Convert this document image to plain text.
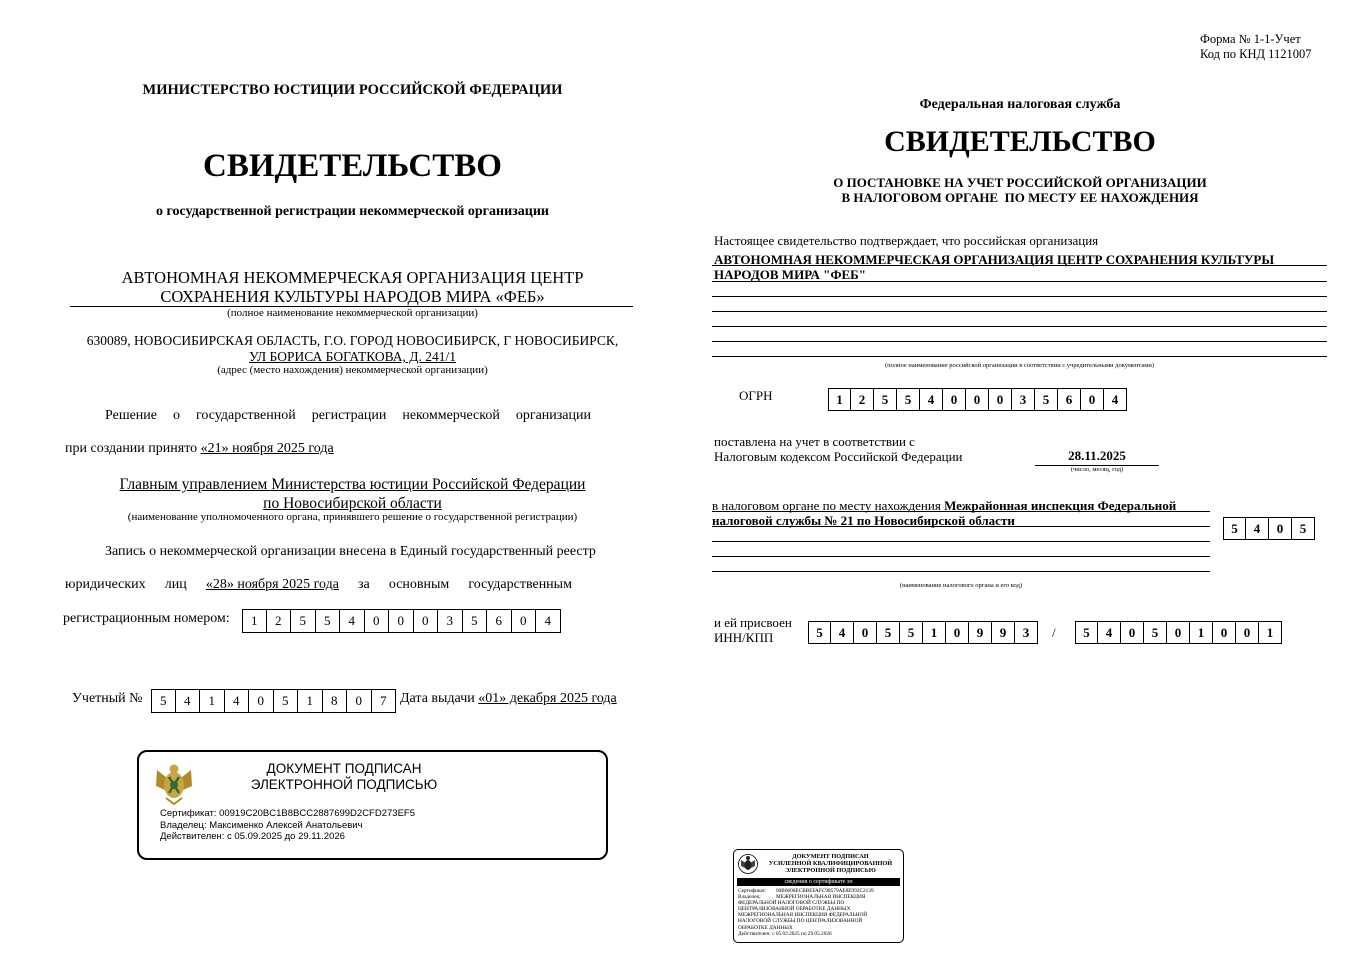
МИНИСТЕРСТВО ЮСТИЦИИ РОССИЙСКОЙ ФЕДЕРАЦИИ
СВИДЕТЕЛЬСТВО
о государственной регистрации некоммерческой организации
АВТОНОМНАЯ НЕКОММЕРЧЕСКАЯ ОРГАНИЗАЦИЯ ЦЕНТР
СОХРАНЕНИЯ КУЛЬТУРЫ НАРОДОВ МИРА «ФЕБ»
(полное наименование некоммерческой организации)
630089, НОВОСИБИРСКАЯ ОБЛАСТЬ, Г.О. ГОРОД НОВОСИБИРСК, Г НОВОСИБИРСК,
УЛ БОРИСА БОГАТКОВА, Д. 241/1
(адрес (место нахождения) некоммерческой организации)
Решение о государственной регистрации некоммерческой организации
при создании принято «21» ноября 2025 года
Главным управлением Министерства юстиции Российской Федерации
по Новосибирской области
(наименование уполномоченного органа, принявшего решение о государственной регистрации)
Запись о некоммерческой организации внесена в Единый государственный реестр
юридических лиц «28» ноября 2025 года за основным государственным
регистрационным номером:	1	2	5	5	4	0	0	0	3	5	6	0	4
Учетный №	5	4	1	4	0	5	1	8	0	7 Дата выдачи «01» декабря 2025 года
ДОКУМЕНТ ПОДПИСАН
ЭЛЕКТРОННОЙ ПОДПИСЬЮ
Сертификат: 00919C20BC1B8BCC2887699D2CFD273EF5
Владелец: Максименко Алексей Анатольевич
Действителен: с 05.09.2025 до 29.11.2026
Форма № 1-1-Учет
Код по КНД 1121007
Федеральная налоговая служба
СВИДЕТЕЛЬСТВО
О ПОСТАНОВКЕ НА УЧЕТ РОССИЙСКОЙ ОРГАНИЗАЦИИ
В НАЛОГОВОМ ОРГАНЕ  ПО МЕСТУ ЕЕ НАХОЖДЕНИЯ
Настоящее свидетельство подтверждает, что российская организация
АВТОНОМНАЯ НЕКОММЕРЧЕСКАЯ ОРГАНИЗАЦИЯ ЦЕНТР СОХРАНЕНИЯ КУЛЬТУРЫ
НАРОДОВ МИРА "ФЕБ"
(полное наименование российской организации в соответствии с учредительными документами)
ОГРН	1	2	5	5	4	0	0	0	3	5	6	0	4
поставлена на учет в соответствии с
Налоговым кодексом Российской Федерации	28.11.2025
(число, месяц, год)
в налоговом органе по месту нахождения Межрайонная инспекция Федеральной
налоговой службы № 21 по Новосибирской области	5	4	0	5
(наименование налогового органа и его код)
и ей присвоен
ИНН/КПП	5	4	0	5	5	1	0	9	9	3	/	5	4	0	5	0	1	0	0	1
ДОКУМЕНТ ПОДПИСАН
УСИЛЕННОЙ КВАЛИФИЦИРОВАННОЙ
ЭЛЕКТРОННОЙ ПОДПИСЬЮ
сведения о сертификате эп
Сертификат:	00B0600ECBBEFAFC98579AE8E992C2139
Владелец:	МЕЖРЕГИОНАЛЬНАЯ ИНСПЕКЦИЯ
ФЕДЕРАЛЬНОЙ НАЛОГОВОЙ СЛУЖБЫ ПО
ЦЕНТРАЛИЗОВАННОЙ ОБРАБОТКЕ ДАННЫХ
МЕЖРЕГИОНАЛЬНАЯ ИНСПЕКЦИЯ ФЕДЕРАЛЬНОЙ
НАЛОГОВОЙ СЛУЖБЫ ПО ЦЕНТРАЛИЗОВАННОЙ
ОБРАБОТКЕ ДАННЫХ
Действителен: с 05.03.2025 по 29.05.2026
